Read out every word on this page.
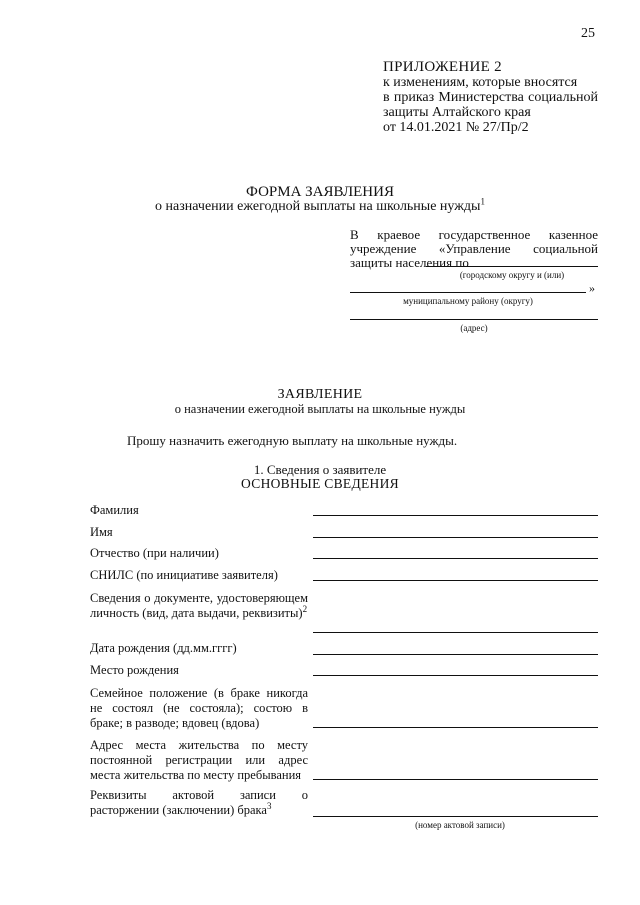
25
ПРИЛОЖЕНИЕ 2
к изменениям, которые вносятся
в приказ Министерства социальной защиты Алтайского края
от 14.01.2021 № 27/Пр/2
ФОРМА ЗАЯВЛЕНИЯ
о назначении ежегодной выплаты на школьные нужды$^1$
В краевое государственное казенное учреждение «Управление социальной защиты населения по
(городскому округу и (или)
»
муниципальному району (округу)
(адрес)
ЗАЯВЛЕНИЕ
о назначении ежегодной выплаты на школьные нужды
Прошу назначить ежегодную выплату на школьные нужды.
1. Сведения о заявителе
ОСНОВНЫЕ СВЕДЕНИЯ
Фамилия
Имя
Отчество (при наличии)
СНИЛС (по инициативе заявителя)
Сведения о документе, удостоверяющем личность (вид, дата выдачи, реквизиты)$^2$
Дата рождения (дд.мм.гггг)
Место рождения
Семейное положение (в браке никогда не состоял (не состояла); состою в браке; в разводе; вдовец (вдова)
Адрес места жительства по месту постоянной регистрации или адрес места жительства по месту пребывания
Реквизиты актовой записи о расторжении (заключении) брака$^3$
(номер актовой записи)
